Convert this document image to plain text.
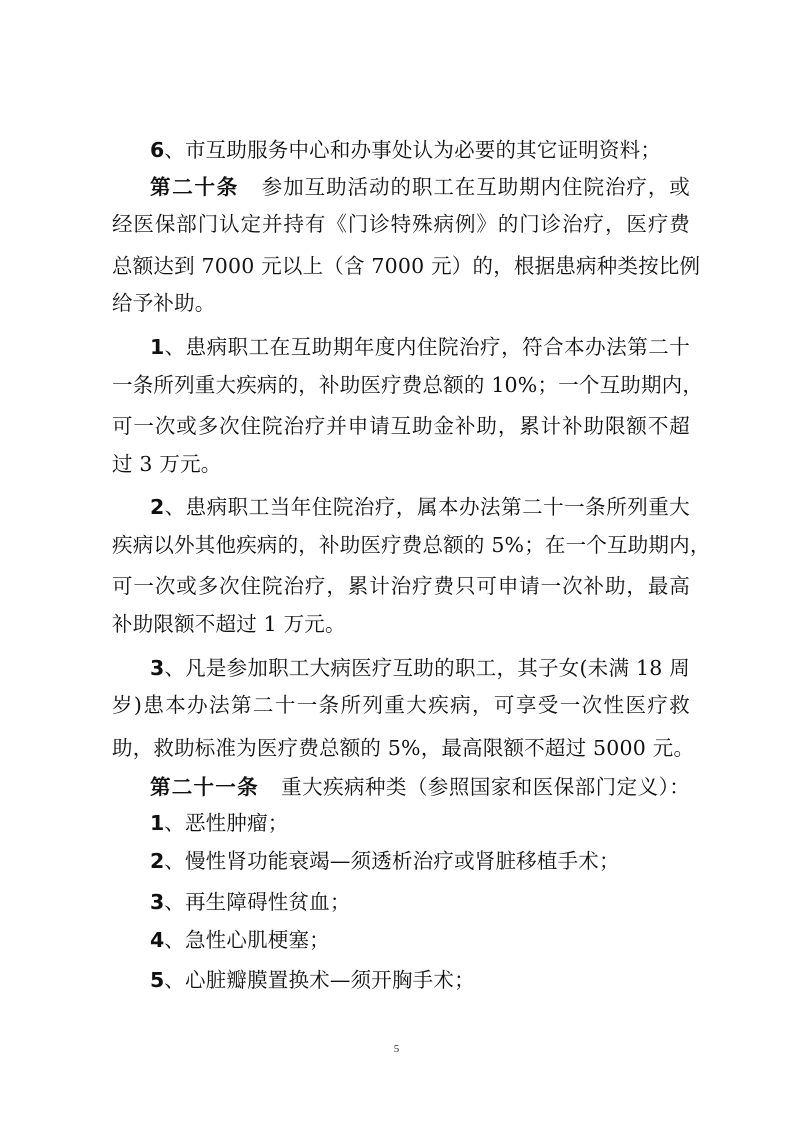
6、市互助服务中心和办事处认为必要的其它证明资料；
第二十条 参加互助活动的职工在互助期内住院治疗，或
经医保部门认定并持有《门诊特殊病例》的门诊治疗，医疗费
总额达到 7000 元以上（含 7000 元）的，根据患病种类按比例
给予补助。
1、患病职工在互助期年度内住院治疗，符合本办法第二十
一条所列重大疾病的，补助医疗费总额的 10%；一个互助期内，
可一次或多次住院治疗并申请互助金补助，累计补助限额不超
过 3 万元。
2、患病职工当年住院治疗，属本办法第二十一条所列重大
疾病以外其他疾病的，补助医疗费总额的 5%；在一个互助期内，
可一次或多次住院治疗，累计治疗费只可申请一次补助，最高
补助限额不超过 1 万元。
3、凡是参加职工大病医疗互助的职工，其子女(未满 18 周
岁)患本办法第二十一条所列重大疾病，可享受一次性医疗救
助，救助标准为医疗费总额的 5%，最高限额不超过 5000 元。
第二十一条 重大疾病种类（参照国家和医保部门定义）：
1、恶性肿瘤；
2、慢性肾功能衰竭—须透析治疗或肾脏移植手术；
3、再生障碍性贫血；
4、急性心肌梗塞；
5、心脏瓣膜置换术—须开胸手术；
5
